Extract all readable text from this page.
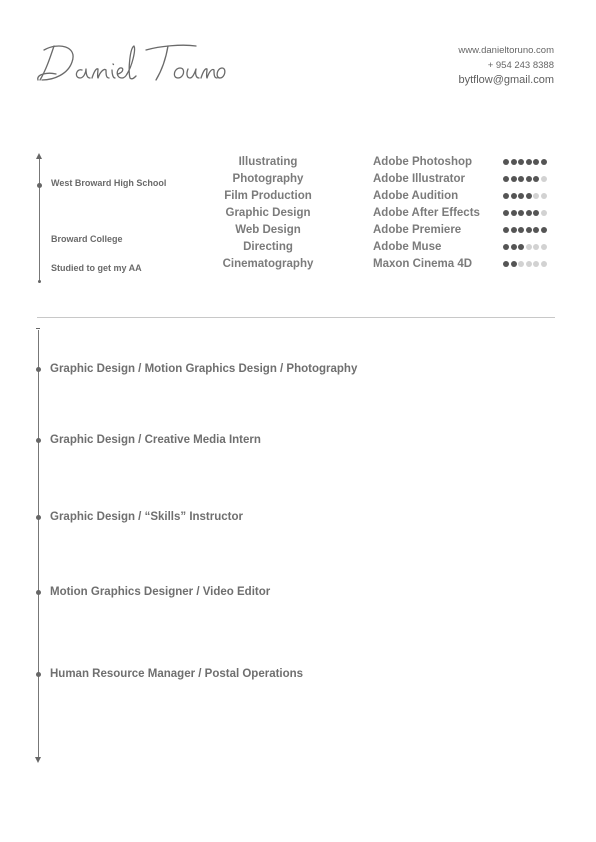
www.danieltoruno.com
+ 954 243 8388
bytflow@gmail.com
West Broward High School
Broward College
Studied to get my AA
Illustrating
Photography
Film Production
Graphic Design
Web Design
Directing
Cinematography
Adobe Photoshop
Adobe Illustrator
Adobe Audition
Adobe After Effects
Adobe Premiere
Adobe Muse
Maxon Cinema 4D
Graphic Design / Motion Graphics Design / Photography
Graphic Design / Creative Media Intern
Graphic Design / “Skills” Instructor
Motion Graphics Designer / Video Editor
Human Resource Manager / Postal Operations
